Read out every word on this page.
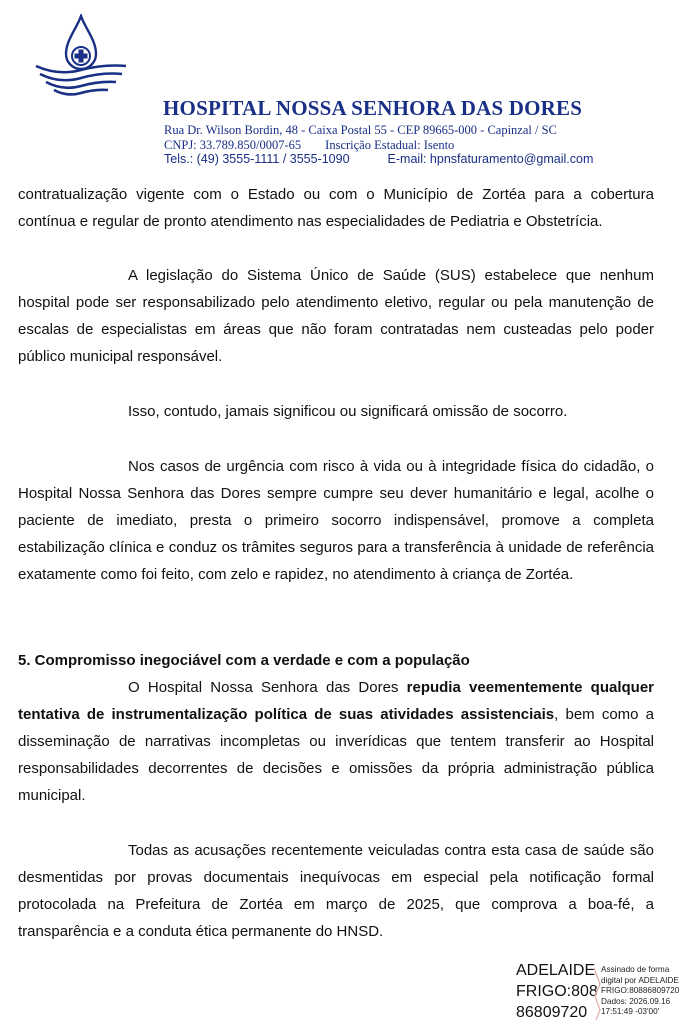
HOSPITAL NOSSA SENHORA DAS DORES
Rua Dr. Wilson Bordin, 48 - Caixa Postal 55 - CEP 89665-000 - Capinzal / SC
CNPJ: 33.789.850/0007-65 Inscrição Estadual: Isento
Tels.: (49) 3555-1111 / 3555-1090	E-mail: hpnsfaturamento@gmail.com

contratualização vigente com o Estado ou com o Município de Zortéa para a cobertura contínua e regular de pronto atendimento nas especialidades de Pediatria e Obstetrícia.

A legislação do Sistema Único de Saúde (SUS) estabelece que nenhum hospital pode ser responsabilizado pelo atendimento eletivo, regular ou pela manutenção de escalas de especialistas em áreas que não foram contratadas nem custeadas pelo poder público municipal responsável.

Isso, contudo, jamais significou ou significará omissão de socorro.

Nos casos de urgência com risco à vida ou à integridade física do cidadão, o Hospital Nossa Senhora das Dores sempre cumpre seu dever humanitário e legal, acolhe o paciente de imediato, presta o primeiro socorro indispensável, promove a completa estabilização clínica e conduz os trâmites seguros para a transferência à unidade de referência exatamente como foi feito, com zelo e rapidez, no atendimento à criança de Zortéa.

5. Compromisso inegociável com a verdade e com a população

O Hospital Nossa Senhora das Dores repudia veementemente qualquer tentativa de instrumentalização política de suas atividades assistenciais, bem como a disseminação de narrativas incompletas ou inverídicas que tentem transferir ao Hospital responsabilidades decorrentes de decisões e omissões da própria administração pública municipal.

Todas as acusações recentemente veiculadas contra esta casa de saúde são desmentidas por provas documentais inequívocas em especial pela notificação formal protocolada na Prefeitura de Zortéa em março de 2025, que comprova a boa-fé, a transparência e a conduta ética permanente do HNSD.

ADELAIDE
FRIGO:808
86809720
Assinado de forma
digital por ADELAIDE
FRIGO:80886809720
Dados: 2026.09.16
17:51:49 -03'00'
